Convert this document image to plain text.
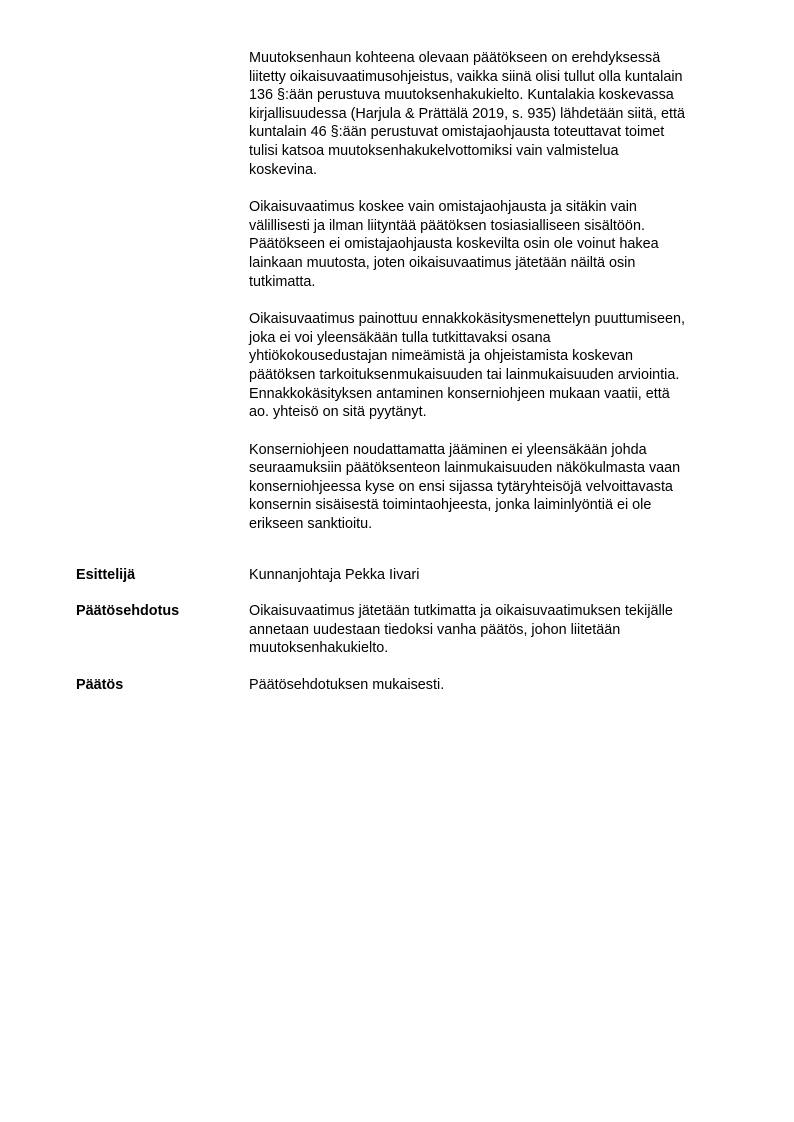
Muutoksenhaun kohteena olevaan päätökseen on erehdyksessä
liitetty oikaisuvaatimusohjeistus, vaikka siinä olisi tullut olla kuntalain
136 §:ään perustuva muutoksenhakukielto. Kuntalakia koskevassa
kirjallisuudessa (Harjula & Prättälä 2019, s. 935) lähdetään siitä, että
kuntalain 46 §:ään perustuvat omistajaohjausta toteuttavat toimet
tulisi katsoa muutoksenhakukelvottomiksi vain valmistelua
koskevina.

Oikaisuvaatimus koskee vain omistajaohjausta ja sitäkin vain
välillisesti ja ilman liityntää päätöksen tosiasialliseen sisältöön.
Päätökseen ei omistajaohjausta koskevilta osin ole voinut hakea
lainkaan muutosta, joten oikaisuvaatimus jätetään näiltä osin
tutkimatta.

Oikaisuvaatimus painottuu ennakkokäsitysmenettelyn puuttumiseen,
joka ei voi yleensäkään tulla tutkittavaksi osana
yhtiökokousedustajan nimeämistä ja ohjeistamista koskevan
päätöksen tarkoituksenmukaisuuden tai lainmukaisuuden arviointia.
Ennakkokäsityksen antaminen konserniohjeen mukaan vaatii, että
ao. yhteisö on sitä pyytänyt.

Konserniohjeen noudattamatta jääminen ei yleensäkään johda
seuraamuksiin päätöksenteon lainmukaisuuden näkökulmasta vaan
konserniohjeessa kyse on ensi sijassa tytäryhteisöjä velvoittavasta
konsernin sisäisestä toimintaohjeesta, jonka laiminlyöntiä ei ole
erikseen sanktioitu.

Esittelijä	Kunnanjohtaja Pekka Iivari
Päätösehdotus	Oikaisuvaatimus jätetään tutkimatta ja oikaisuvaatimuksen tekijälle
annetaan uudestaan tiedoksi vanha päätös, johon liitetään
muutoksenhakukielto.
Päätös	Päätösehdotuksen mukaisesti.
